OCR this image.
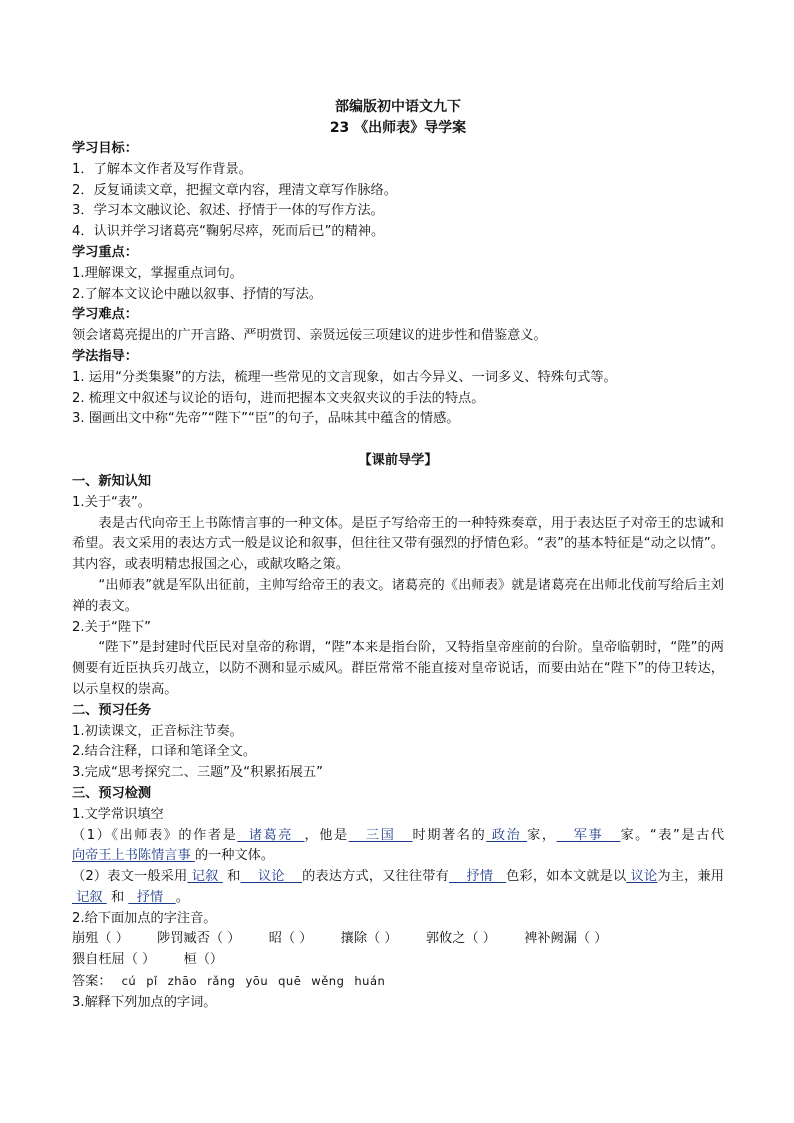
部编版初中语文九下
23 《出师表》导学案
学习目标：
1．了解本文作者及写作背景。
2．反复诵读文章，把握文章内容，理清文章写作脉络。
3．学习本文融议论、叙述、抒情于一体的写作方法。
4．认识并学习诸葛亮“鞠躬尽瘁，死而后已”的精神。
学习重点：
1.理解课文，掌握重点词句。
2.了解本文议论中融以叙事、抒情的写法。
学习难点：
领会诸葛亮提出的广开言路、严明赏罚、亲贤远佞三项建议的进步性和借鉴意义。
学法指导：
1. 运用“分类集聚”的方法，梳理一些常见的文言现象，如古今异义、一词多义、特殊句式等。
2. 梳理文中叙述与议论的语句，进而把握本文夹叙夹议的手法的特点。
3. 圈画出文中称“先帝”“陛下”“臣”的句子，品味其中蕴含的情感。
【课前导学】
一、新知认知
1.关于“表”。
表是古代向帝王上书陈情言事的一种文体。是臣子写给帝王的一种特殊奏章，用于表达臣子对帝王的忠诚和希望。表文采用的表达方式一般是议论和叙事，但往往又带有强烈的抒情色彩。“表”的基本特征是“动之以情”。其内容，或表明精忠报国之心，或献攻略之策。
“出师表”就是军队出征前，主帅写给帝王的表文。诸葛亮的《出师表》就是诸葛亮在出师北伐前写给后主刘禅的表文。
2.关于“陛下”
“陛下”是封建时代臣民对皇帝的称谓，“陛”本来是指台阶，又特指皇帝座前的台阶。皇帝临朝时，“陛”的两侧要有近臣执兵刃战立，以防不测和显示威风。群臣常常不能直接对皇帝说话，而要由站在“陛下”的侍卫转达，以示皇权的崇高。
二、预习任务
1.初读课文，正音标注节奏。
2.结合注释，口译和笔译全文。
3.完成“思考探究二、三题”及“积累拓展五”
三、预习检测
1.文学常识填空
（1）《出师表》的作者是  诸葛亮  ，他是   三国   时期著名的 政治 家，   军事   家。“表”是古代向帝王上书陈情言事 的一种文体。
（2）表文一般采用 记叙  和    议论    的表达方式，又往往带有    抒情   色彩，如本文就是以 议论为主，兼用 记叙  和   抒情   。
2.给下面加点的字注音。
崩殂（ ） 陟罚臧否（ ） 昭（ ） 攘除（ ） 郭攸之（ ） 裨补阙漏（ ）
猥自枉屈（ ） 桓（）
答案： cú pǐ zhāo rǎng yōu quē wěng huán
3.解释下列加点的字词。
